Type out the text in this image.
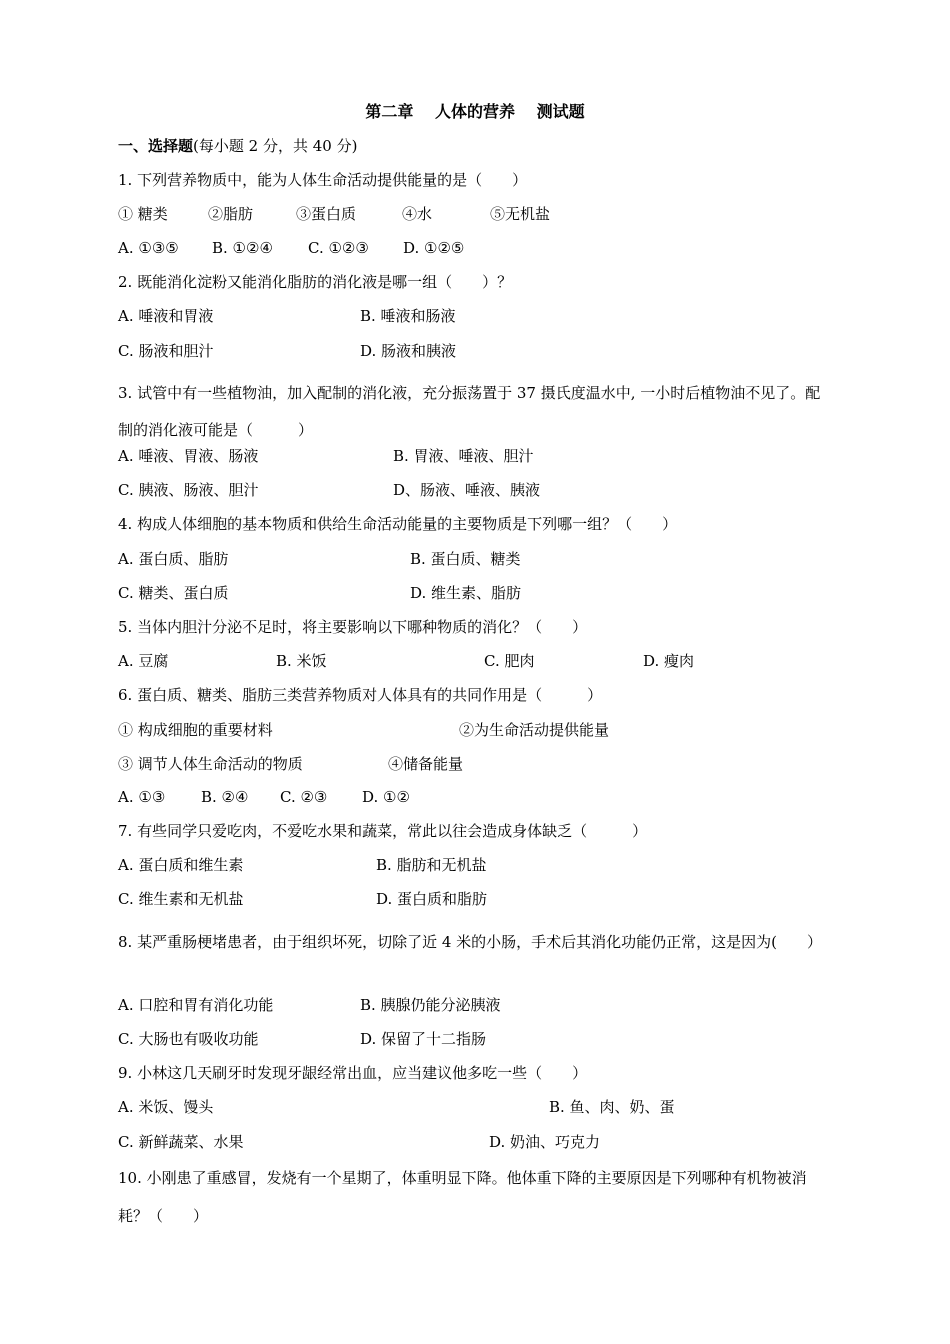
第二章 人体的营养 测试题
一、选择题(每小题 2 分，共 40 分)
1. 下列营养物质中，能为人体生命活动提供能量的是（　　）
① 糖类	②脂肪	③蛋白质	④水	⑤无机盐
A. ①③⑤ B. ①②④ C. ①②③ D. ①②⑤
2. 既能消化淀粉又能消化脂肪的消化液是哪一组（　　）？
A. 唾液和胃液	B. 唾液和肠液
C. 肠液和胆汁	D. 肠液和胰液
3. 试管中有一些植物油，加入配制的消化液，充分振荡置于 37 摄氏度温水中, 一小时后植物油不见了。配制的消化液可能是（　　　）
A. 唾液、胃液、肠液	B. 胃液、唾液、胆汁
C. 胰液、肠液、胆汁	D、肠液、唾液、胰液
4. 构成人体细胞的基本物质和供给生命活动能量的主要物质是下列哪一组？（　　）
A. 蛋白质、脂肪	B. 蛋白质、糖类
C. 糖类、蛋白质	D. 维生素、脂肪
5. 当体内胆汁分泌不足时，将主要影响以下哪种物质的消化？（　　）
A. 豆腐	B. 米饭	C. 肥肉	D. 瘦肉
6. 蛋白质、糖类、脂肪三类营养物质对人体具有的共同作用是（　　　）
① 构成细胞的重要材料	②为生命活动提供能量
③ 调节人体生命活动的物质	④储备能量
A. ①③ B. ②④ C. ②③ D. ①②
7. 有些同学只爱吃肉，不爱吃水果和蔬菜，常此以往会造成身体缺乏（　　　）
A. 蛋白质和维生素	B. 脂肪和无机盐
C. 维生素和无机盐	D. 蛋白质和脂肪
8. 某严重肠梗堵患者，由于组织坏死，切除了近 4 米的小肠，手术后其消化功能仍正常，这是因为(　　）
A. 口腔和胃有消化功能	B. 胰腺仍能分泌胰液
C. 大肠也有吸收功能	D. 保留了十二指肠
9. 小林这几天刷牙时发现牙龈经常出血，应当建议他多吃一些（　　）
A. 米饭、馒头	B. 鱼、肉、奶、蛋
C. 新鲜蔬菜、水果	D. 奶油、巧克力
10. 小刚患了重感冒，发烧有一个星期了，体重明显下降。他体重下降的主要原因是下列哪种有机物被消耗？（　　）
